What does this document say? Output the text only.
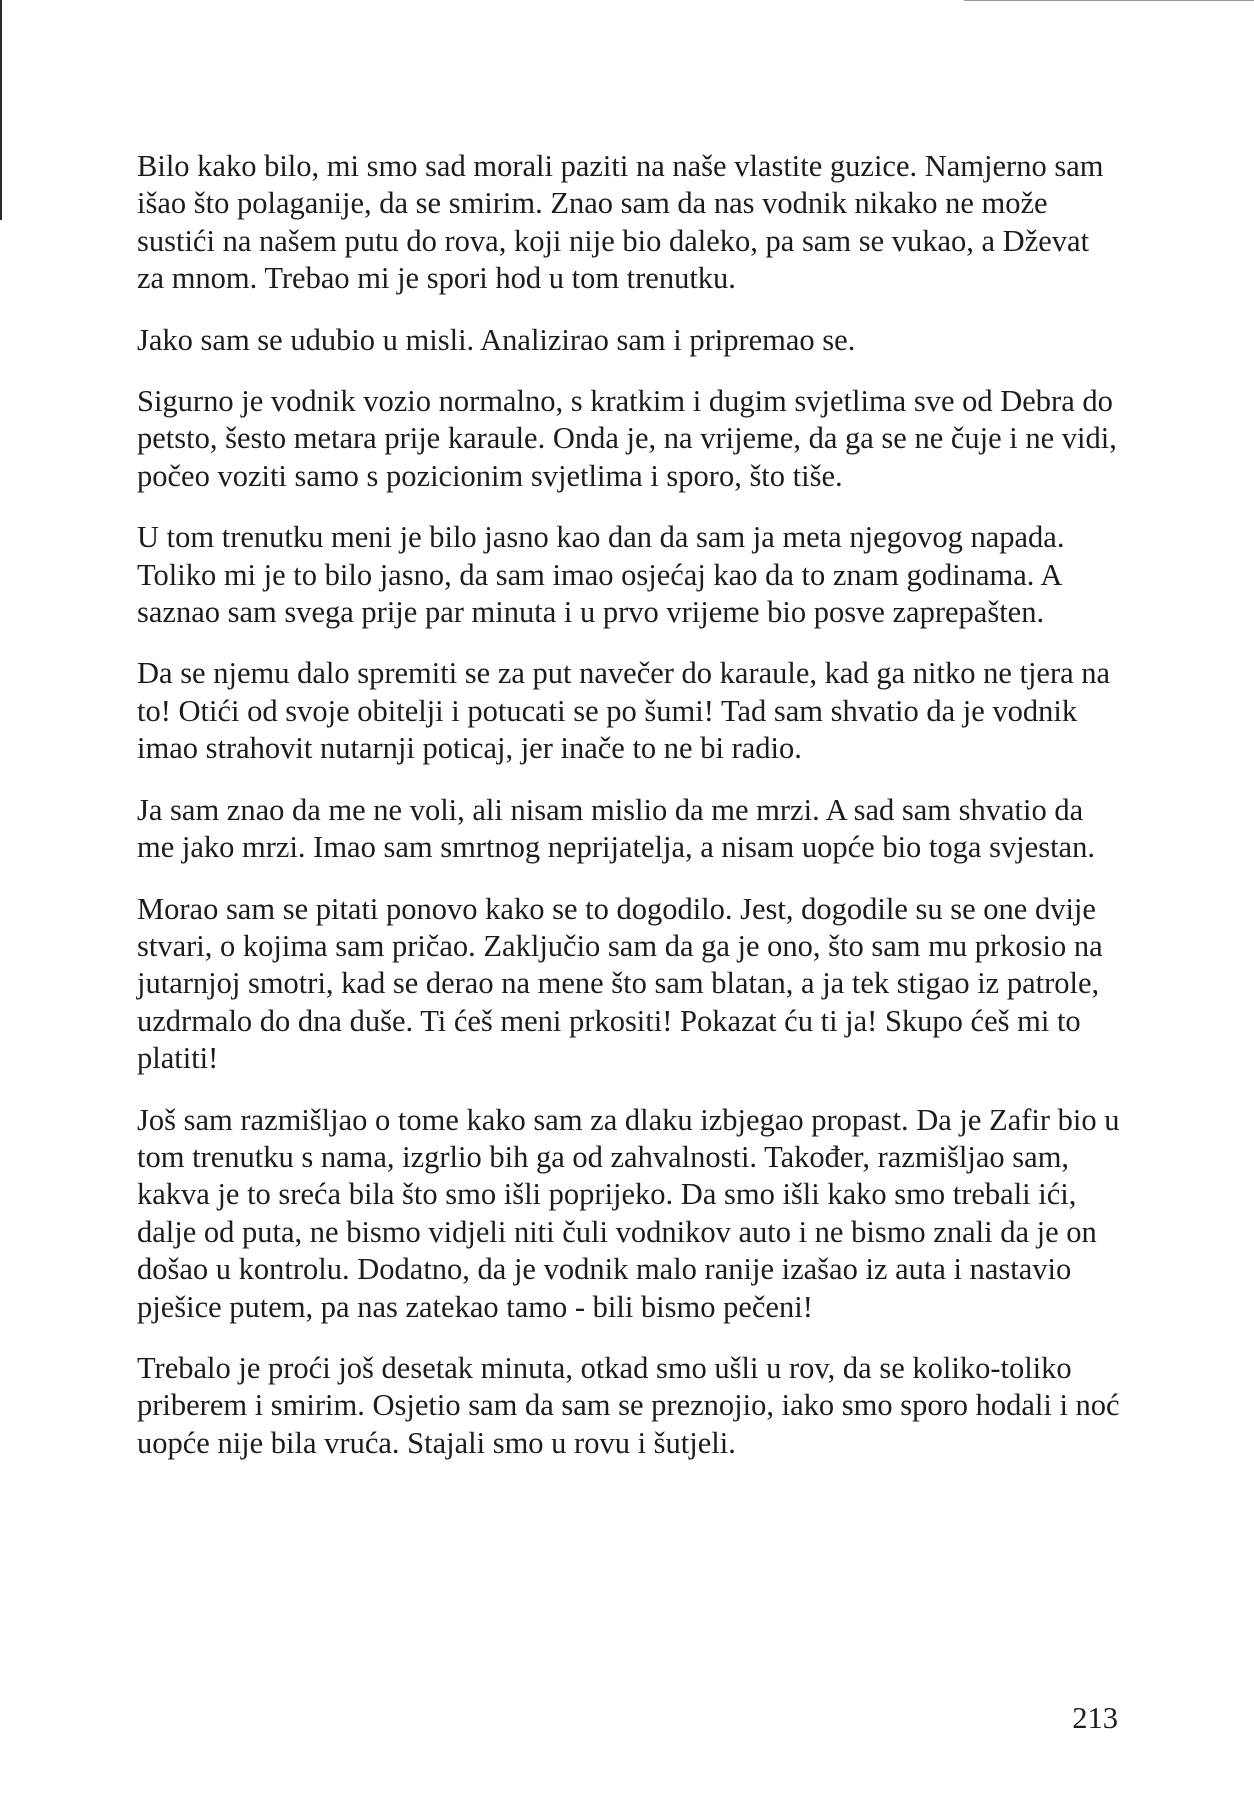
Bilo kako bilo, mi smo sad morali paziti na naše vlastite guzice. Namjerno sam išao što polaganije, da se smirim. Znao sam da nas vodnik nikako ne može sustići na našem putu do rova, koji nije bio daleko, pa sam se vukao, a Dževat za mnom. Trebao mi je spori hod u tom trenutku.

Jako sam se udubio u misli. Analizirao sam i pripremao se.

Sigurno je vodnik vozio normalno, s kratkim i dugim svjetlima sve od Debra do petsto, šesto metara prije karaule. Onda je, na vrijeme, da ga se ne čuje i ne vidi, počeo voziti samo s pozicionim svjetlima i sporo, što tiše.

U tom trenutku meni je bilo jasno kao dan da sam ja meta njegovog napada. Toliko mi je to bilo jasno, da sam imao osjećaj kao da to znam godinama. A saznao sam svega prije par minuta i u prvo vrijeme bio posve zaprepašten.

Da se njemu dalo spremiti se za put navečer do karaule, kad ga nitko ne tjera na to! Otići od svoje obitelji i potucati se po šumi! Tad sam shvatio da je vodnik imao strahovit nutarnji poticaj, jer inače to ne bi radio.

Ja sam znao da me ne voli, ali nisam mislio da me mrzi. A sad sam shvatio da me jako mrzi. Imao sam smrtnog neprijatelja, a nisam uopće bio toga svjestan.

Morao sam se pitati ponovo kako se to dogodilo. Jest, dogodile su se one dvije stvari, o kojima sam pričao. Zaključio sam da ga je ono, što sam mu prkosio na jutarnjoj smotri, kad se derao na mene što sam blatan, a ja tek stigao iz patrole, uzdrmalo do dna duše. Ti ćeš meni prkositi! Pokazat ću ti ja! Skupo ćeš mi to platiti!

Još sam razmišljao o tome kako sam za dlaku izbjegao propast. Da je Zafir bio u tom trenutku s nama, izgrlio bih ga od zahvalnosti. Također, razmišljao sam, kakva je to sreća bila što smo išli poprijeko. Da smo išli kako smo trebali ići, dalje od puta, ne bismo vidjeli niti čuli vodnikov auto i ne bismo znali da je on došao u kontrolu. Dodatno, da je vodnik malo ranije izašao iz auta i nastavio pješice putem, pa nas zatekao tamo - bili bismo pečeni!

Trebalo je proći još desetak minuta, otkad smo ušli u rov, da se koliko-toliko priberem i smirim. Osjetio sam da sam se preznojio, iako smo sporo hodali i noć uopće nije bila vruća. Stajali smo u rovu i šutjeli.

213
